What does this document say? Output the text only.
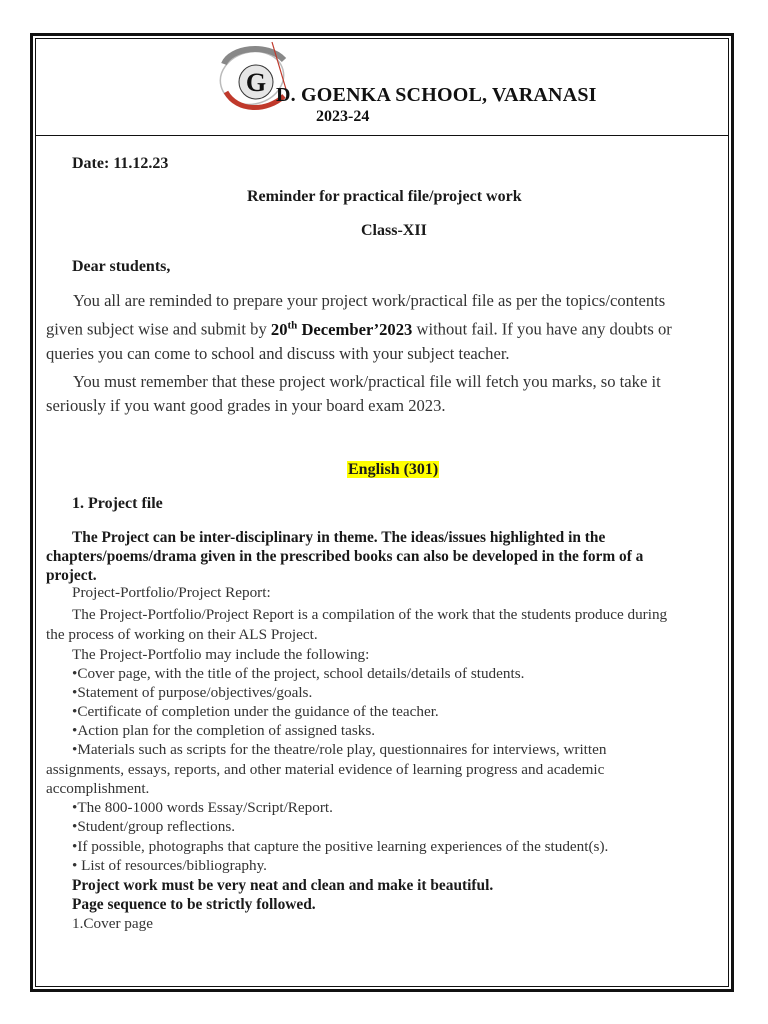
G D. GOENKA SCHOOL, VARANASI
2023-24
Date: 11.12.23
Reminder for practical file/project work
Class-XII
Dear students,
You all are reminded to prepare your project work/practical file as per the topics/contents
given subject wise and submit by 20th December’2023 without fail. If you have any doubts or
queries you can come to school and discuss with your subject teacher.
You must remember that these project work/practical file will fetch you marks, so take it
seriously if you want good grades in your board exam 2023.
English (301)
1. Project file
The Project can be inter-disciplinary in theme. The ideas/issues highlighted in the
chapters/poems/drama given in the prescribed books can also be developed in the form of a
project.
Project-Portfolio/Project Report:
The Project-Portfolio/Project Report is a compilation of the work that the students produce during
the process of working on their ALS Project.
The Project-Portfolio may include the following:
•Cover page, with the title of the project, school details/details of students.
•Statement of purpose/objectives/goals.
•Certificate of completion under the guidance of the teacher.
•Action plan for the completion of assigned tasks.
•Materials such as scripts for the theatre/role play, questionnaires for interviews, written
assignments, essays, reports, and other material evidence of learning progress and academic
accomplishment.
•The 800-1000 words Essay/Script/Report.
•Student/group reflections.
•If possible, photographs that capture the positive learning experiences of the student(s).
• List of resources/bibliography.
Project work must be very neat and clean and make it beautiful.
Page sequence to be strictly followed.
1.Cover page
